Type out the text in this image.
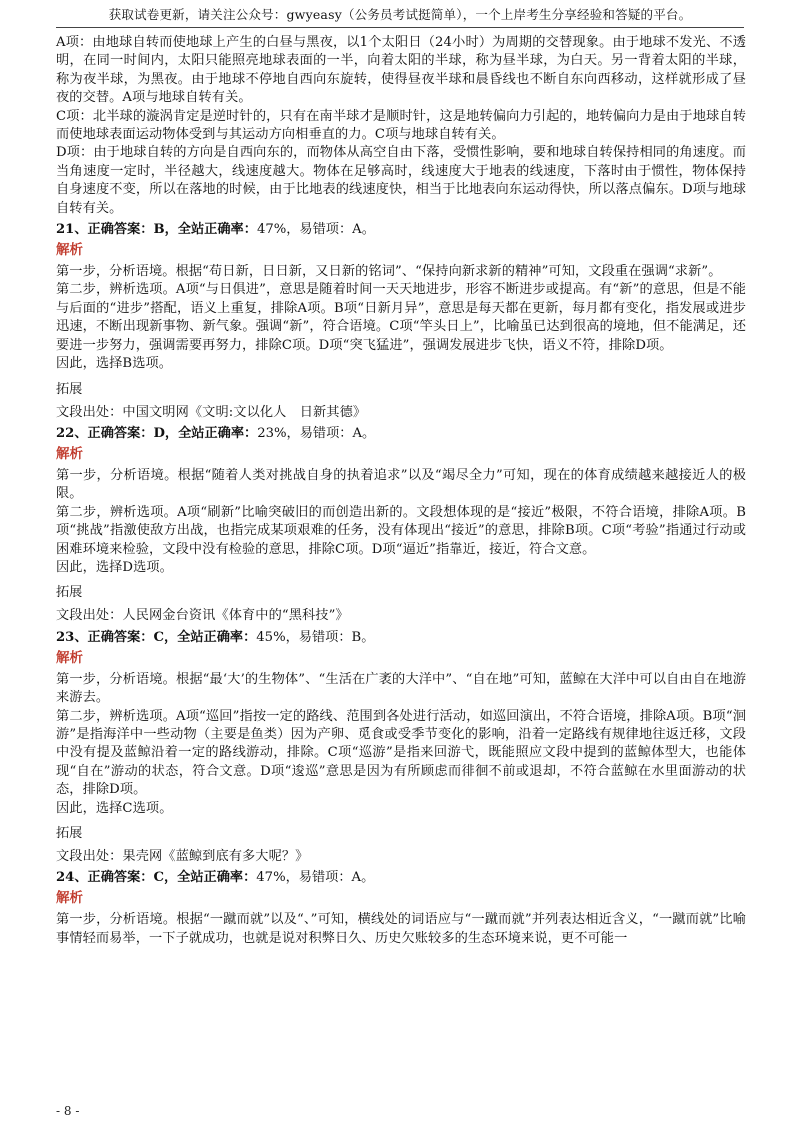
获取试卷更新，请关注公众号：gwyeasy（公务员考试挺简单），一个上岸考生分享经验和答疑的平台。

A项：由地球自转而使地球上产生的白昼与黑夜，以1个太阳日（24小时）为周期的交替现象。由于地球不发光、不透明，在同一时间内，太阳只能照亮地球表面的一半，向着太阳的半球，称为昼半球，为白天。另一背着太阳的半球，称为夜半球，为黑夜。由于地球不停地自西向东旋转，使得昼夜半球和晨昏线也不断自东向西移动，这样就形成了昼夜的交替。A项与地球自转有关。

C项：北半球的漩涡肯定是逆时针的，只有在南半球才是顺时针，这是地转偏向力引起的，地转偏向力是由于地球自转而使地球表面运动物体受到与其运动方向相垂直的力。C项与地球自转有关。

D项：由于地球自转的方向是自西向东的，而物体从高空自由下落，受惯性影响，要和地球自转保持相同的角速度。而当角速度一定时，半径越大，线速度越大。物体在足够高时，线速度大于地表的线速度，下落时由于惯性，物体保持自身速度不变，所以在落地的时候，由于比地表的线速度快，相当于比地表向东运动得快，所以落点偏东。D项与地球自转有关。

21、正确答案：B，全站正确率：47%，易错项：A。
解析

第一步，分析语境。根据“苟日新，日日新，又日新的铭词”、“保持向新求新的精神”可知，文段重在强调“求新”。

第二步，辨析选项。A项“与日俱进”，意思是随着时间一天天地进步，形容不断进步或提高。有“新”的意思，但是不能与后面的“进步”搭配，语义上重复，排除A项。B项“日新月异”，意思是每天都在更新，每月都有变化，指发展或进步迅速，不断出现新事物、新气象。强调“新”，符合语境。C项“竿头日上”，比喻虽已达到很高的境地，但不能满足，还要进一步努力，强调需要再努力，排除C项。D项“突飞猛进”，强调发展进步飞快，语义不符，排除D项。

因此，选择B选项。

拓展

文段出处：中国文明网《文明:文以化人　日新其德》

22、正确答案：D，全站正确率：23%，易错项：A。
解析

第一步，分析语境。根据“随着人类对挑战自身的执着追求”以及“竭尽全力”可知，现在的体育成绩越来越接近人的极限。

第二步，辨析选项。A项“刷新”比喻突破旧的而创造出新的。文段想体现的是“接近”极限，不符合语境，排除A项。B项“挑战”指激使敌方出战，也指完成某项艰难的任务，没有体现出“接近”的意思，排除B项。C项“考验”指通过行动或困难环境来检验，文段中没有检验的意思，排除C项。D项“逼近”指靠近，接近，符合文意。

因此，选择D选项。

拓展

文段出处：人民网金台资讯《体育中的“黑科技”》

23、正确答案：C，全站正确率：45%，易错项：B。
解析

第一步，分析语境。根据“最‘大’的生物体”、“生活在广袤的大洋中”、“自在地”可知，蓝鲸在大洋中可以自由自在地游来游去。

第二步，辨析选项。A项“巡回”指按一定的路线、范围到各处进行活动，如巡回演出，不符合语境，排除A项。B项“洄游”是指海洋中一些动物（主要是鱼类）因为产卵、觅食或受季节变化的影响，沿着一定路线有规律地往返迁移，文段中没有提及蓝鲸沿着一定的路线游动，排除。C项“巡游”是指来回游弋，既能照应文段中提到的蓝鲸体型大，也能体现“自在”游动的状态，符合文意。D项“逡巡”意思是因为有所顾虑而徘徊不前或退却，不符合蓝鲸在水里面游动的状态，排除D项。

因此，选择C选项。

拓展

文段出处：果壳网《蓝鲸到底有多大呢？》

24、正确答案：C，全站正确率：47%，易错项：A。
解析

第一步，分析语境。根据“一蹴而就”以及“、”可知，横线处的词语应与“一蹴而就”并列表达相近含义，“一蹴而就”比喻事情轻而易举，一下子就成功，也就是说对积弊日久、历史欠账较多的生态环境来说，更不可能一

- 8 -
